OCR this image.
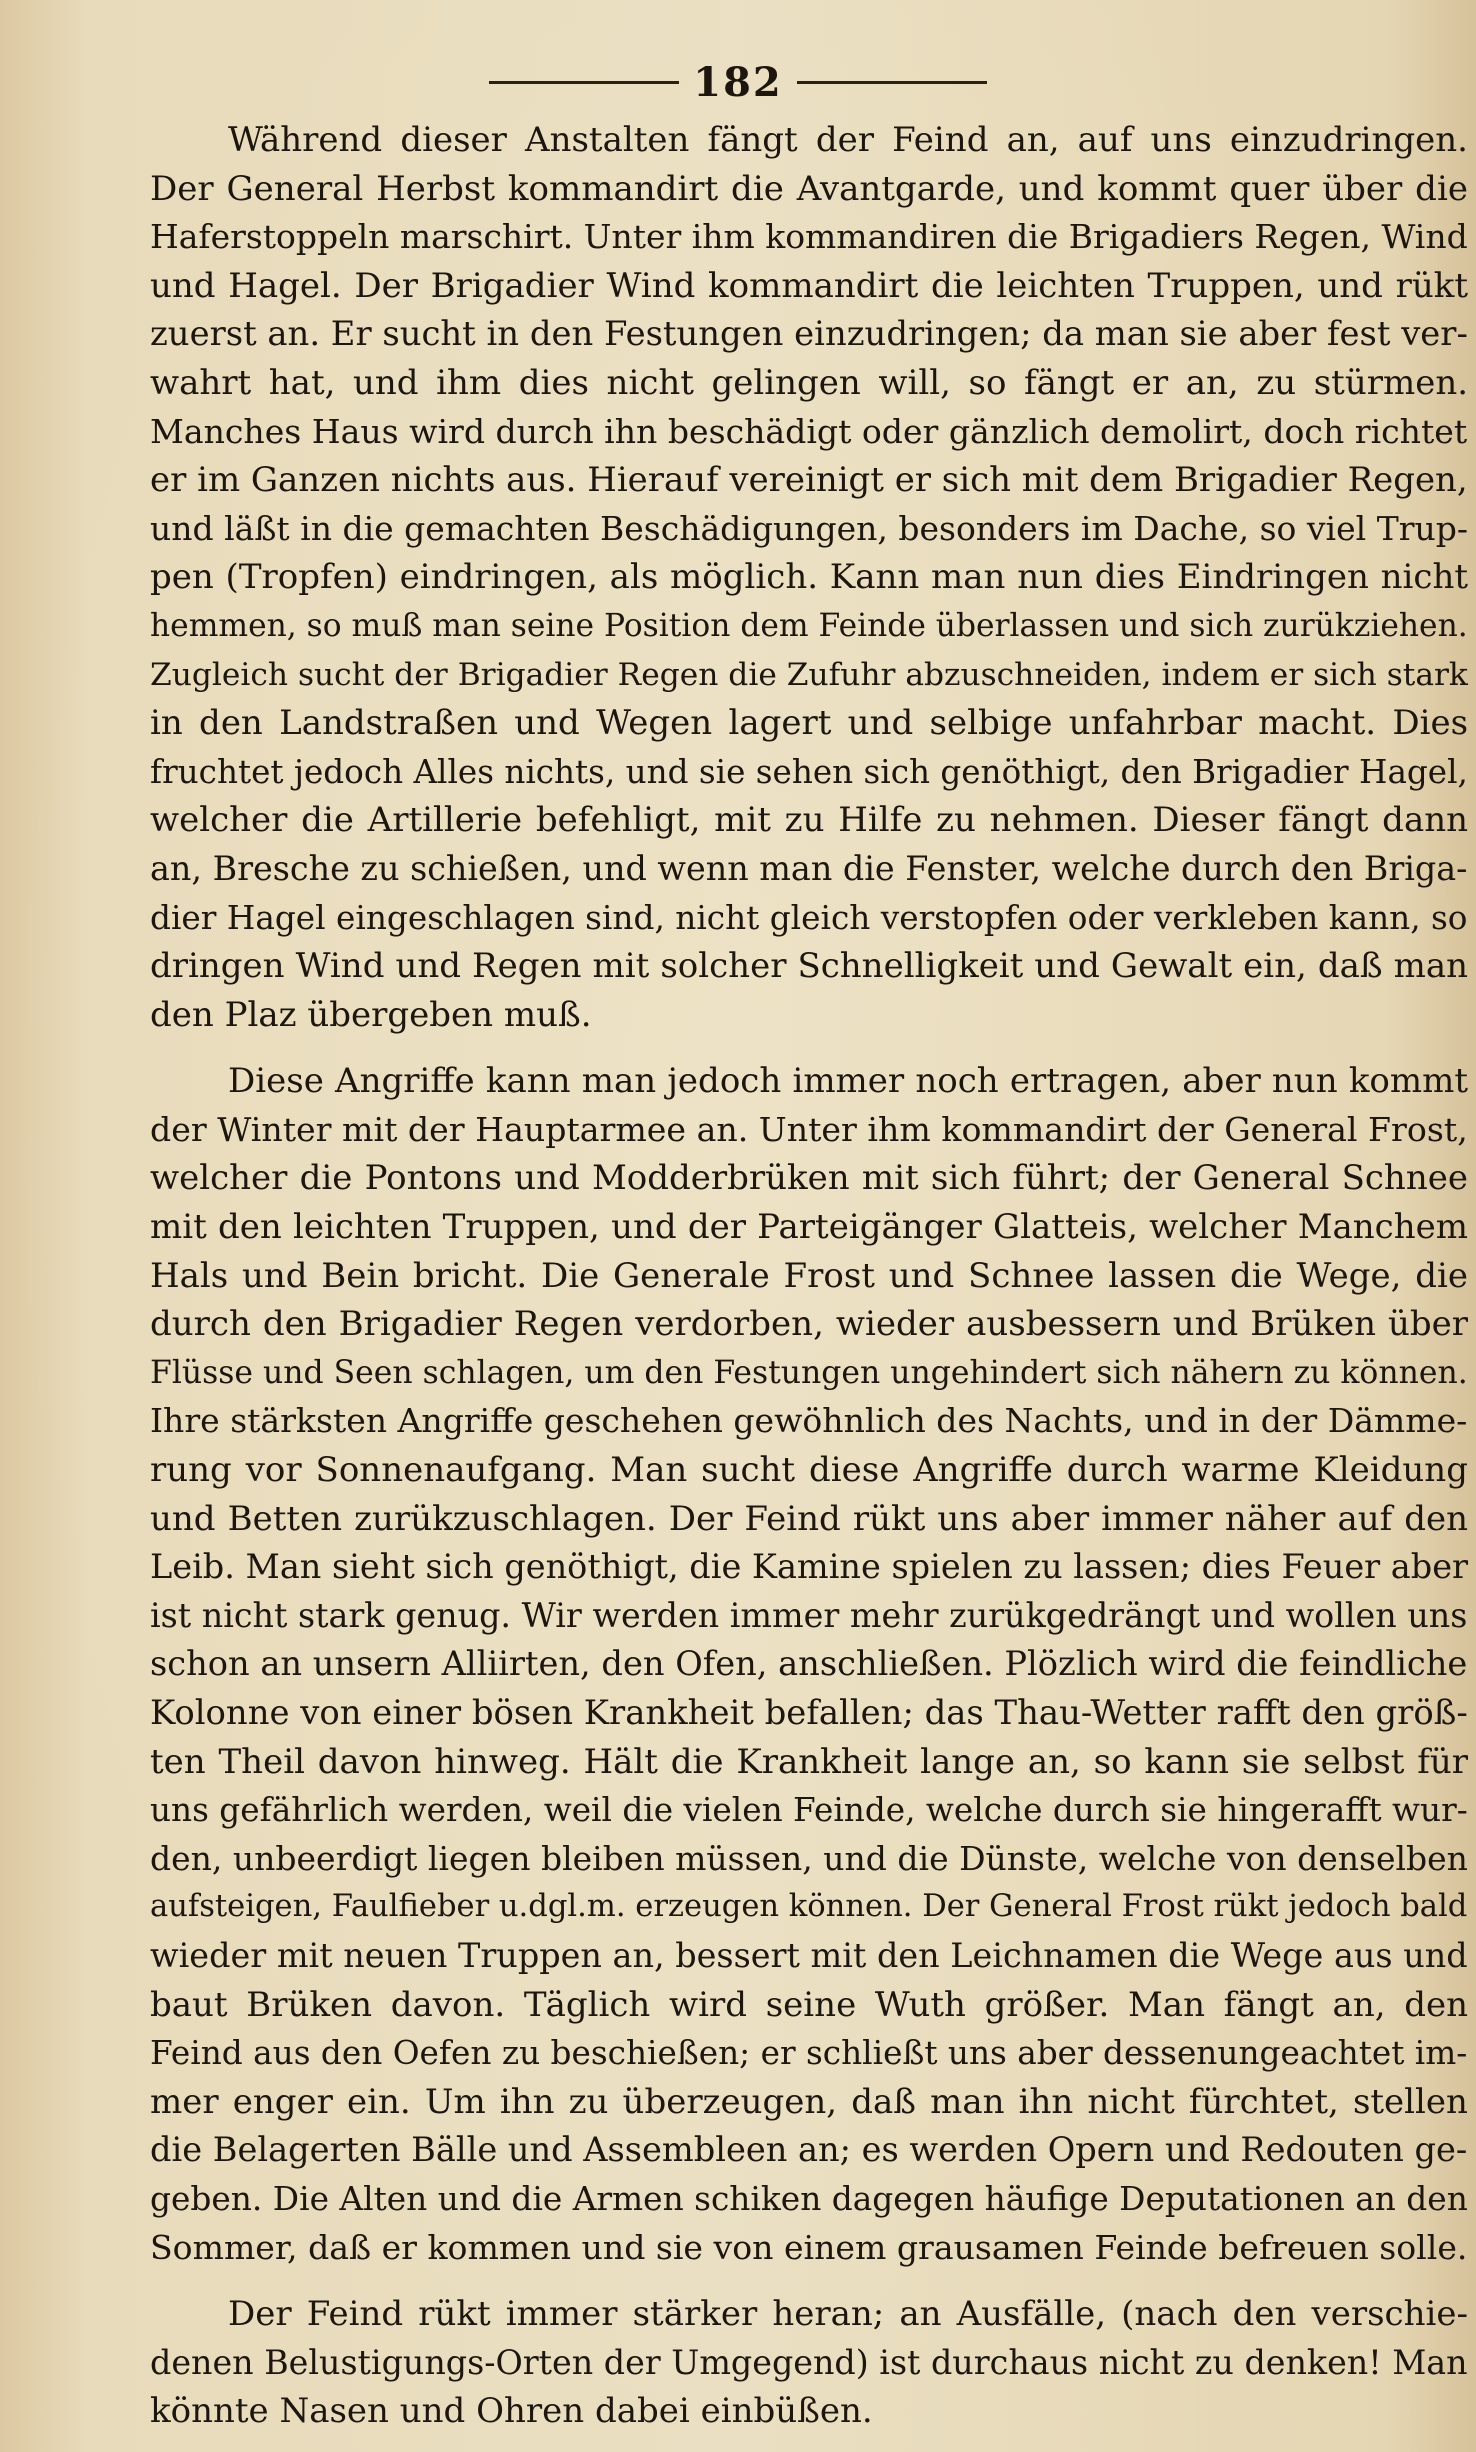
182
Während dieser Anstalten fängt der Feind an, auf uns einzudringen.
Der General Herbst kommandirt die Avantgarde, und kommt quer über die
Haferstoppeln marschirt. Unter ihm kommandiren die Brigadiers Regen, Wind
und Hagel. Der Brigadier Wind kommandirt die leichten Truppen, und rükt
zuerst an. Er sucht in den Festungen einzudringen; da man sie aber fest ver-
wahrt hat, und ihm dies nicht gelingen will, so fängt er an, zu stürmen.
Manches Haus wird durch ihn beschädigt oder gänzlich demolirt, doch richtet
er im Ganzen nichts aus. Hierauf vereinigt er sich mit dem Brigadier Regen,
und läßt in die gemachten Beschädigungen, besonders im Dache, so viel Trup-
pen (Tropfen) eindringen, als möglich. Kann man nun dies Eindringen nicht
hemmen, so muß man seine Position dem Feinde überlassen und sich zurükziehen.
Zugleich sucht der Brigadier Regen die Zufuhr abzuschneiden, indem er sich stark
in den Landstraßen und Wegen lagert und selbige unfahrbar macht. Dies
fruchtet jedoch Alles nichts, und sie sehen sich genöthigt, den Brigadier Hagel,
welcher die Artillerie befehligt, mit zu Hilfe zu nehmen. Dieser fängt dann
an, Bresche zu schießen, und wenn man die Fenster, welche durch den Briga-
dier Hagel eingeschlagen sind, nicht gleich verstopfen oder verkleben kann, so
dringen Wind und Regen mit solcher Schnelligkeit und Gewalt ein, daß man
den Plaz übergeben muß.
Diese Angriffe kann man jedoch immer noch ertragen, aber nun kommt
der Winter mit der Hauptarmee an. Unter ihm kommandirt der General Frost,
welcher die Pontons und Modderbrüken mit sich führt; der General Schnee
mit den leichten Truppen, und der Parteigänger Glatteis, welcher Manchem
Hals und Bein bricht. Die Generale Frost und Schnee lassen die Wege, die
durch den Brigadier Regen verdorben, wieder ausbessern und Brüken über
Flüsse und Seen schlagen, um den Festungen ungehindert sich nähern zu können.
Ihre stärksten Angriffe geschehen gewöhnlich des Nachts, und in der Dämme-
rung vor Sonnenaufgang. Man sucht diese Angriffe durch warme Kleidung
und Betten zurükzuschlagen. Der Feind rükt uns aber immer näher auf den
Leib. Man sieht sich genöthigt, die Kamine spielen zu lassen; dies Feuer aber
ist nicht stark genug. Wir werden immer mehr zurükgedrängt und wollen uns
schon an unsern Alliirten, den Ofen, anschließen. Plözlich wird die feindliche
Kolonne von einer bösen Krankheit befallen; das Thau-Wetter rafft den größ-
ten Theil davon hinweg. Hält die Krankheit lange an, so kann sie selbst für
uns gefährlich werden, weil die vielen Feinde, welche durch sie hingerafft wur-
den, unbeerdigt liegen bleiben müssen, und die Dünste, welche von denselben
aufsteigen, Faulfieber u.dgl.m. erzeugen können. Der General Frost rükt jedoch bald
wieder mit neuen Truppen an, bessert mit den Leichnamen die Wege aus und
baut Brüken davon. Täglich wird seine Wuth größer. Man fängt an, den
Feind aus den Oefen zu beschießen; er schließt uns aber dessenungeachtet im-
mer enger ein. Um ihn zu überzeugen, daß man ihn nicht fürchtet, stellen
die Belagerten Bälle und Assembleen an; es werden Opern und Redouten ge-
geben. Die Alten und die Armen schiken dagegen häufige Deputationen an den
Sommer, daß er kommen und sie von einem grausamen Feinde befreuen solle.
Der Feind rükt immer stärker heran; an Ausfälle, (nach den verschie-
denen Belustigungs-Orten der Umgegend) ist durchaus nicht zu denken! Man
könnte Nasen und Ohren dabei einbüßen.
